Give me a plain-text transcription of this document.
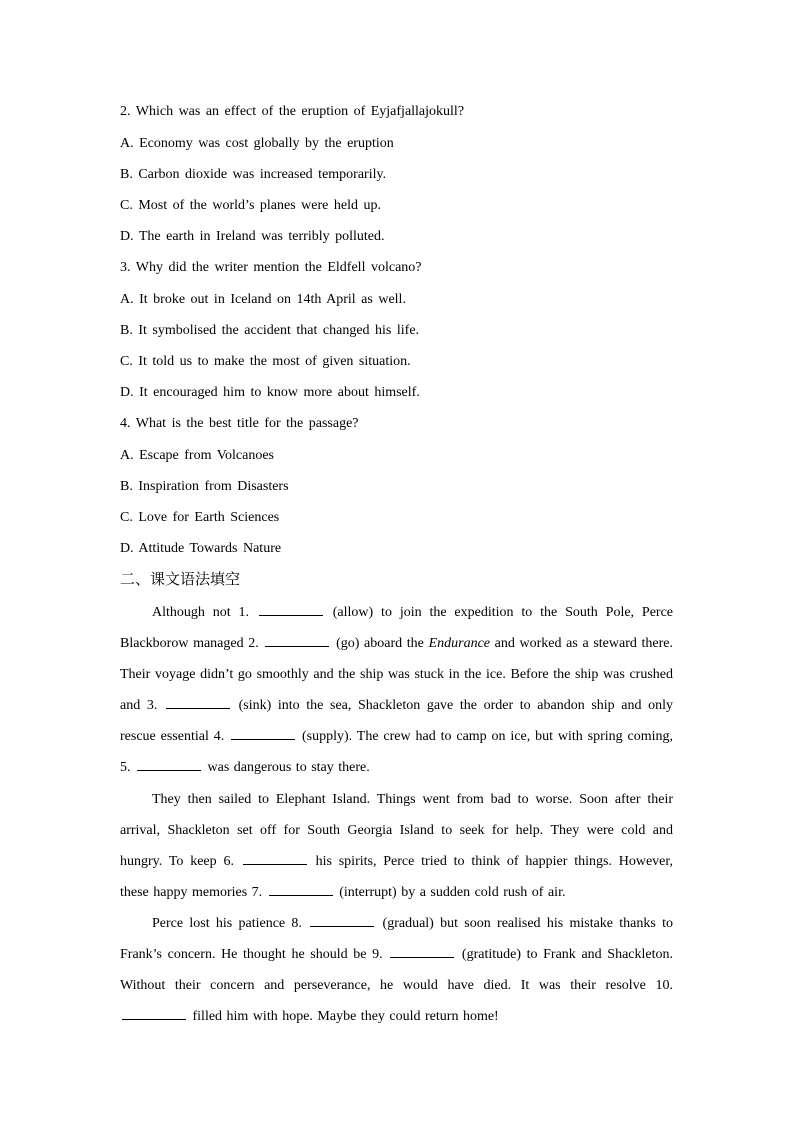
2. Which was an effect of the eruption of Eyjafjallajokull?
A. Economy was cost globally by the eruption
B. Carbon dioxide was increased temporarily.
C. Most of the world’s planes were held up.
D. The earth in Ireland was terribly polluted.
3. Why did the writer mention the Eldfell volcano?
A. It broke out in Iceland on 14th April as well.
B. It symbolised the accident that changed his life.
C. It told us to make the most of given situation.
D. It encouraged him to know more about himself.
4. What is the best title for the passage?
A. Escape from Volcanoes
B. Inspiration from Disasters
C. Love for Earth Sciences
D. Attitude Towards Nature
二、课文语法填空
Although not 1.	(allow) to join the expedition to the South Pole, Perce Blackborow managed 2.	(go) aboard the Endurance and worked as a steward there. Their voyage didn’t go smoothly and the ship was stuck in the ice. Before the ship was crushed and 3.	(sink) into the sea, Shackleton gave the order to abandon ship and only rescue essential 4.	(supply). The crew had to camp on ice, but with spring coming, 5.	was dangerous to stay there.
They then sailed to Elephant Island. Things went from bad to worse. Soon after their arrival, Shackleton set off for South Georgia Island to seek for help. They were cold and hungry. To keep 6.	his spirits, Perce tried to think of happier things. However, these happy memories 7.	(interrupt) by a sudden cold rush of air.
Perce lost his patience 8.	(gradual) but soon realised his mistake thanks to Frank’s concern. He thought he should be 9.	(gratitude) to Frank and Shackleton. Without their concern and perseverance, he would have died. It was their resolve 10.  filled him with hope. Maybe they could return home!
